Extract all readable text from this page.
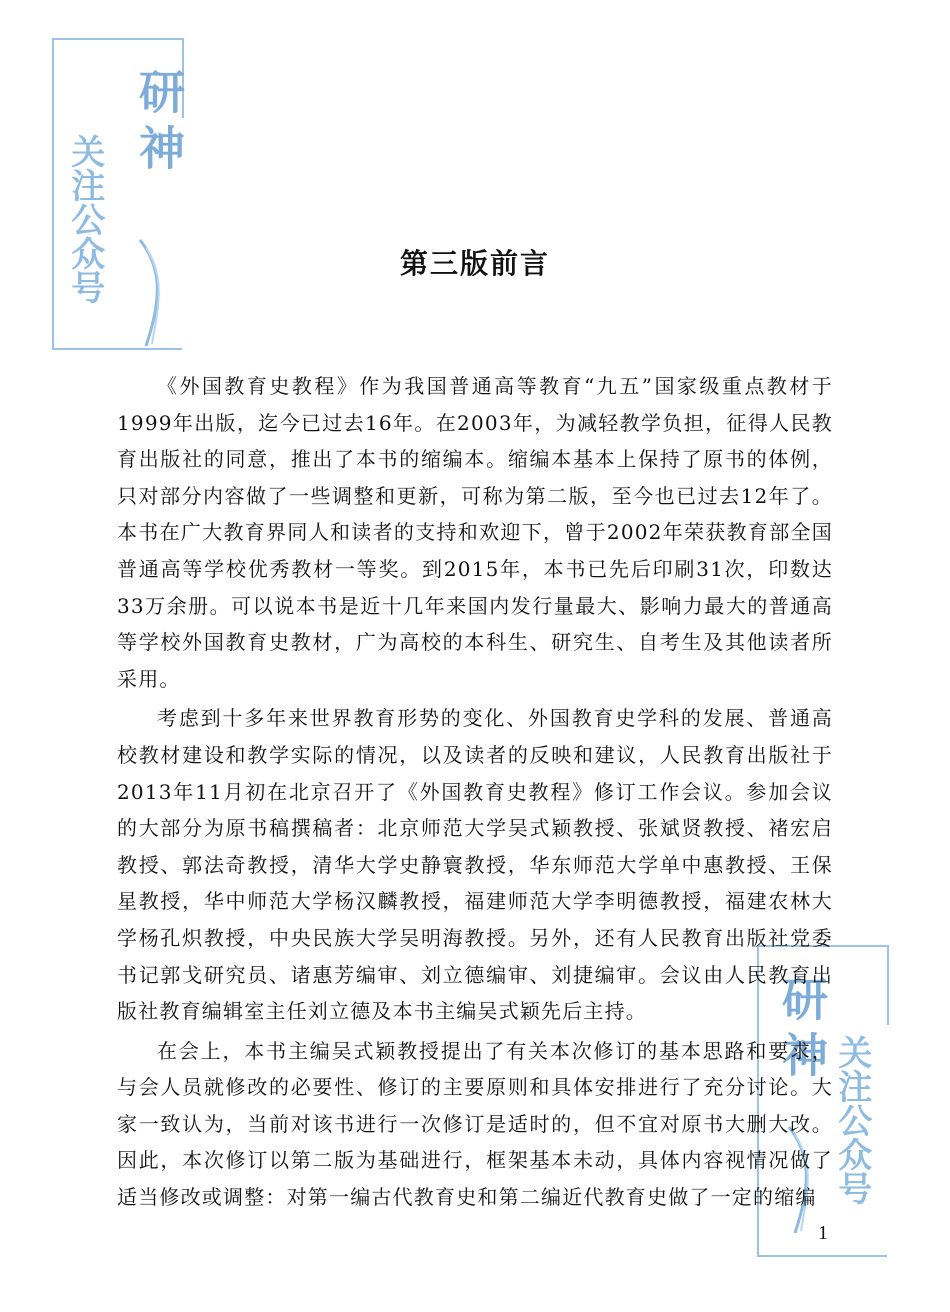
研神
关注公众号
研神
关注公众号
第三版前言

《外国教育史教程》作为我国普通高等教育“九五”国家级重点教材于1999年出版，迄今已过去16年。在2003年，为减轻教学负担，征得人民教育出版社的同意，推出了本书的缩编本。缩编本基本上保持了原书的体例，只对部分内容做了一些调整和更新，可称为第二版，至今也已过去12年了。本书在广大教育界同人和读者的支持和欢迎下，曾于2002年荣获教育部全国普通高等学校优秀教材一等奖。到2015年，本书已先后印刷31次，印数达33万余册。可以说本书是近十几年来国内发行量最大、影响力最大的普通高等学校外国教育史教材，广为高校的本科生、研究生、自考生及其他读者所采用。

考虑到十多年来世界教育形势的变化、外国教育史学科的发展、普通高校教材建设和教学实际的情况，以及读者的反映和建议，人民教育出版社于2013年11月初在北京召开了《外国教育史教程》修订工作会议。参加会议的大部分为原书稿撰稿者：北京师范大学吴式颖教授、张斌贤教授、褚宏启教授、郭法奇教授，清华大学史静寰教授，华东师范大学单中惠教授、王保星教授，华中师范大学杨汉麟教授，福建师范大学李明德教授，福建农林大学杨孔炽教授，中央民族大学吴明海教授。另外，还有人民教育出版社党委书记郭戈研究员、诸惠芳编审、刘立德编审、刘捷编审。会议由人民教育出版社教育编辑室主任刘立德及本书主编吴式颖先后主持。

在会上，本书主编吴式颖教授提出了有关本次修订的基本思路和要求，与会人员就修改的必要性、修订的主要原则和具体安排进行了充分讨论。大家一致认为，当前对该书进行一次修订是适时的，但不宜对原书大删大改。因此，本次修订以第二版为基础进行，框架基本未动，具体内容视情况做了适当修改或调整：对第一编古代教育史和第二编近代教育史做了一定的缩编

1
